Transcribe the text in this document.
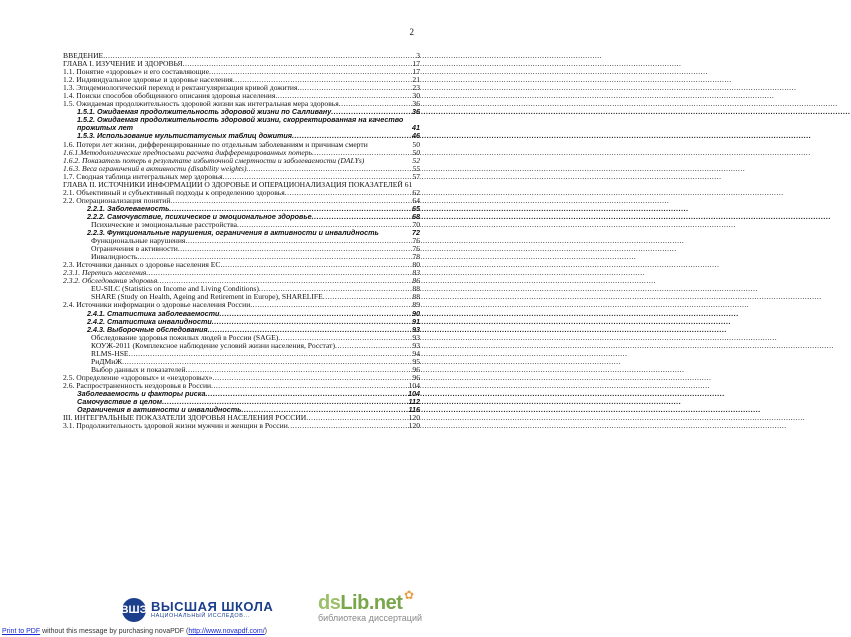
2
ВВЕДЕНИЕ .....	3
ГЛАВА I. ИЗУЧЕНИЕ И ЗДОРОВЬЯ .....	17
1.1. Понятие «здоровье» и его составляющие .....	17
1.2. Индивидуальное здоровье и здоровье населения .....	21
1.3. Эпидемиологический переход и ректангуляризация кривой дожития .....	23
1.4. Поиски способов обобщенного описания здоровья населения .....	30
1.5. Ожидаемая продолжительность здоровой жизни как интегральная мера здоровья .....	36
1.5.1. Ожидаемая продолжительность здоровой жизни по Салливану .....	36
1.5.2. Ожидаемая продолжительность здоровой жизни, скорректированная на качество прожитых лет	41
1.5.3. Использование мультистатусных таблиц дожития .....	46
1.6. Потери лет жизни, дифференцированные по отдельным заболеваниям и причинам смерти	50
1.6.1.Методологические предпосылки расчета дифференцированных потерь .....	50
1.6.2. Показатель потерь в результате избыточной смертности и заболеваемости (DALYs)	52
1.6.3. Веса ограничений в активности (disability weights) .....	55
1.7. Сводная таблица интегральных мер здоровья .....	57
ГЛАВА II. ИСТОЧНИКИ ИНФОРМАЦИИ О ЗДОРОВЬЕ И ОПЕРАЦИОНАЛИЗАЦИЯ ПОКАЗАТЕЛЕЙ 61
2.1. Объективный и субъективный подходы к определению здоровья .....	62
2.2. Операционализация понятий .....	64
2.2.1. Заболеваемость .....	65
2.2.2. Самочувствие, психическое и эмоциональное здоровье .....	68
Психические и эмоциональные расстройства .....	70
2.2.3. Функциональные нарушения, ограничения в активности и инвалидность	72
Функциональные нарушения .....	76
Ограничения в активности .....	76
Инвалидность .....	78
2.3. Источники данных о здоровье населения ЕС .....	80
2.3.1. Перепись населения .....	83
2.3.2. Обследования здоровья .....	86
EU-SILC (Statistics on Income and Living Conditions) .....	88
SHARE (Study on Health, Ageing and Retirement in Europe), SHARELIFE .....	88
2.4. Источники информации о здоровье населения России .....	89
2.4.1. Статистика заболеваемости .....	90
2.4.2. Статистика инвалидности .....	91
2.4.3. Выборочные обследования .....	93
Обследование здоровья пожилых людей в России (SAGE) .....	93
КОУЖ-2011 (Комплексное наблюдение условий жизни населения, Росстат) .....	93
RLMS-HSE .....	94
РиДМиЖ .....	95
Выбор данных и показателей .....	96
2.5. Определение «здоровых» и «нездоровых» .....	96
2.6. Распространенность нездоровья в России .....	104
Заболеваемость и факторы риска .....	104
Самочувствие в целом .....	112
Ограничения в активности и инвалидность .....	116
III. ИНТЕГРАЛЬНЫЕ ПОКАЗАТЕЛИ ЗДОРОВЬЯ НАСЕЛЕНИЯ РОССИИ .....	120
3.1. Продолжительность здоровой жизни мужчин и женщин в России .....	120
ВШЭ ВЫСШАЯ ШКОЛА
НАЦИОНАЛЬНЫЙ ИССЛЕДОВ...
✿
dsLib.net
библиотека диссертаций
Print to PDF without this message by purchasing novaPDF (http://www.novapdf.com/)
